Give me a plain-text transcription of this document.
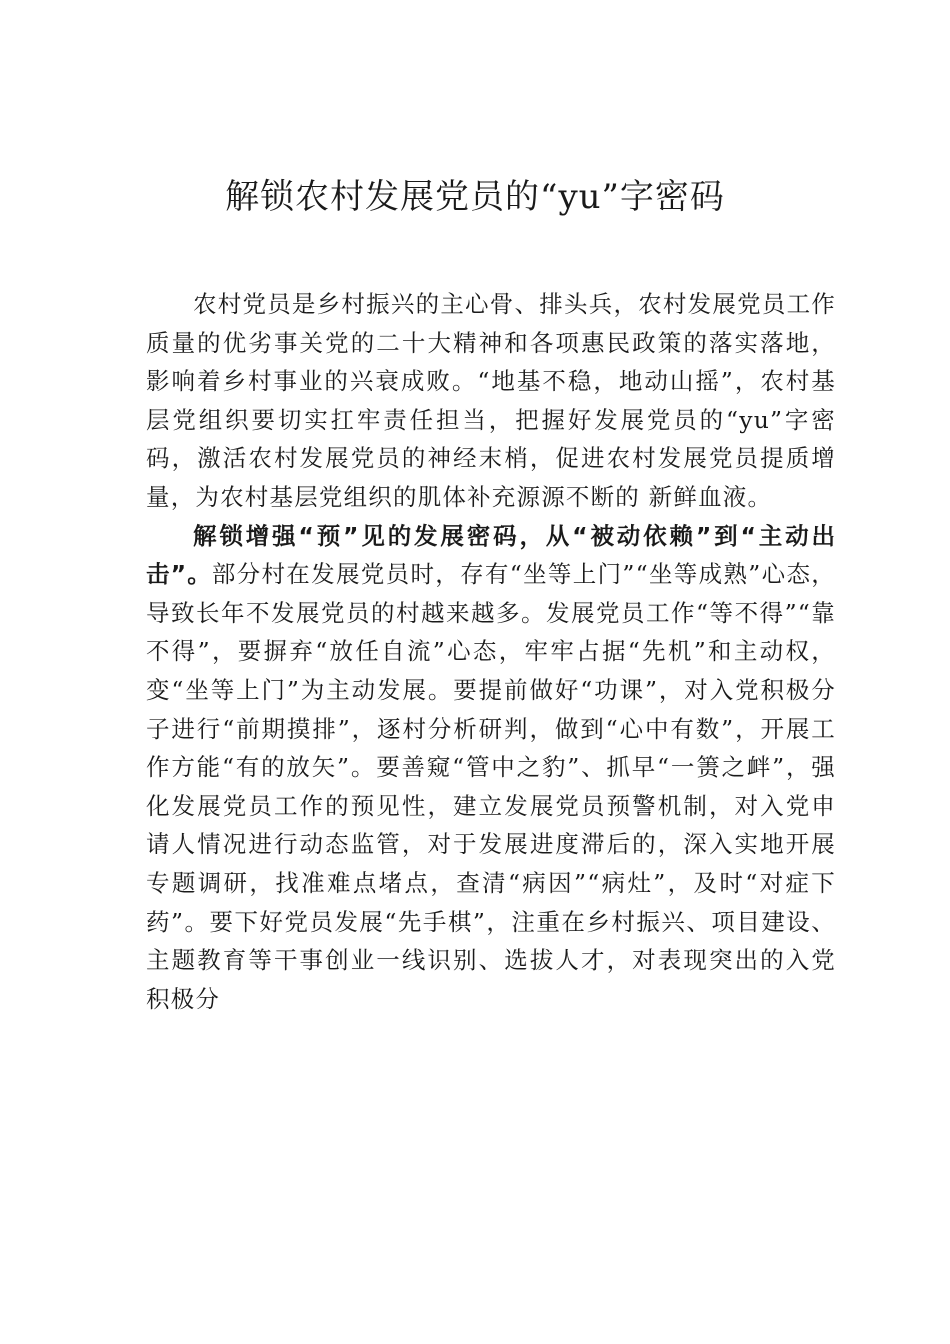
解锁农村发展党员的“yu”字密码

农村党员是乡村振兴的主心骨、排头兵，农村发展党员工作质量的优劣事关党的二十大精神和各项惠民政策的落实落地，影响着乡村事业的兴衰成败。“地基不稳，地动山摇”，农村基层党组织要切实扛牢责任担当，把握好发展党员的“yu”字密码，激活农村发展党员的神经末梢，促进农村发展党员提质增量，为农村基层党组织的肌体补充源源不断的 新鲜血液。

解锁增强“预”见的发展密码，从“被动依赖”到“主动出击”。部分村在发展党员时，存有“坐等上门”“坐等成熟”心态，导致长年不发展党员的村越来越多。发展党员工作“等不得”“靠不得”，要摒弃“放任自流”心态，牢牢占据“先机”和主动权，变“坐等上门”为主动发展。要提前做好“功课”，对入党积极分子进行“前期摸排”，逐村分析研判，做到“心中有数”，开展工作方能“有的放矢”。要善窥“管中之豹”、抓早“一箦之衅”，强化发展党员工作的预见性，建立发展党员预警机制，对入党申请人情况进行动态监管，对于发展进度滞后的，深入实地开展专题调研，找准难点堵点，查清“病因”“病灶”，及时“对症下药”。要下好党员发展“先手棋”，注重在乡村振兴、项目建设、主题教育等干事创业一线识别、选拔人才，对表现突出的入党积极分
